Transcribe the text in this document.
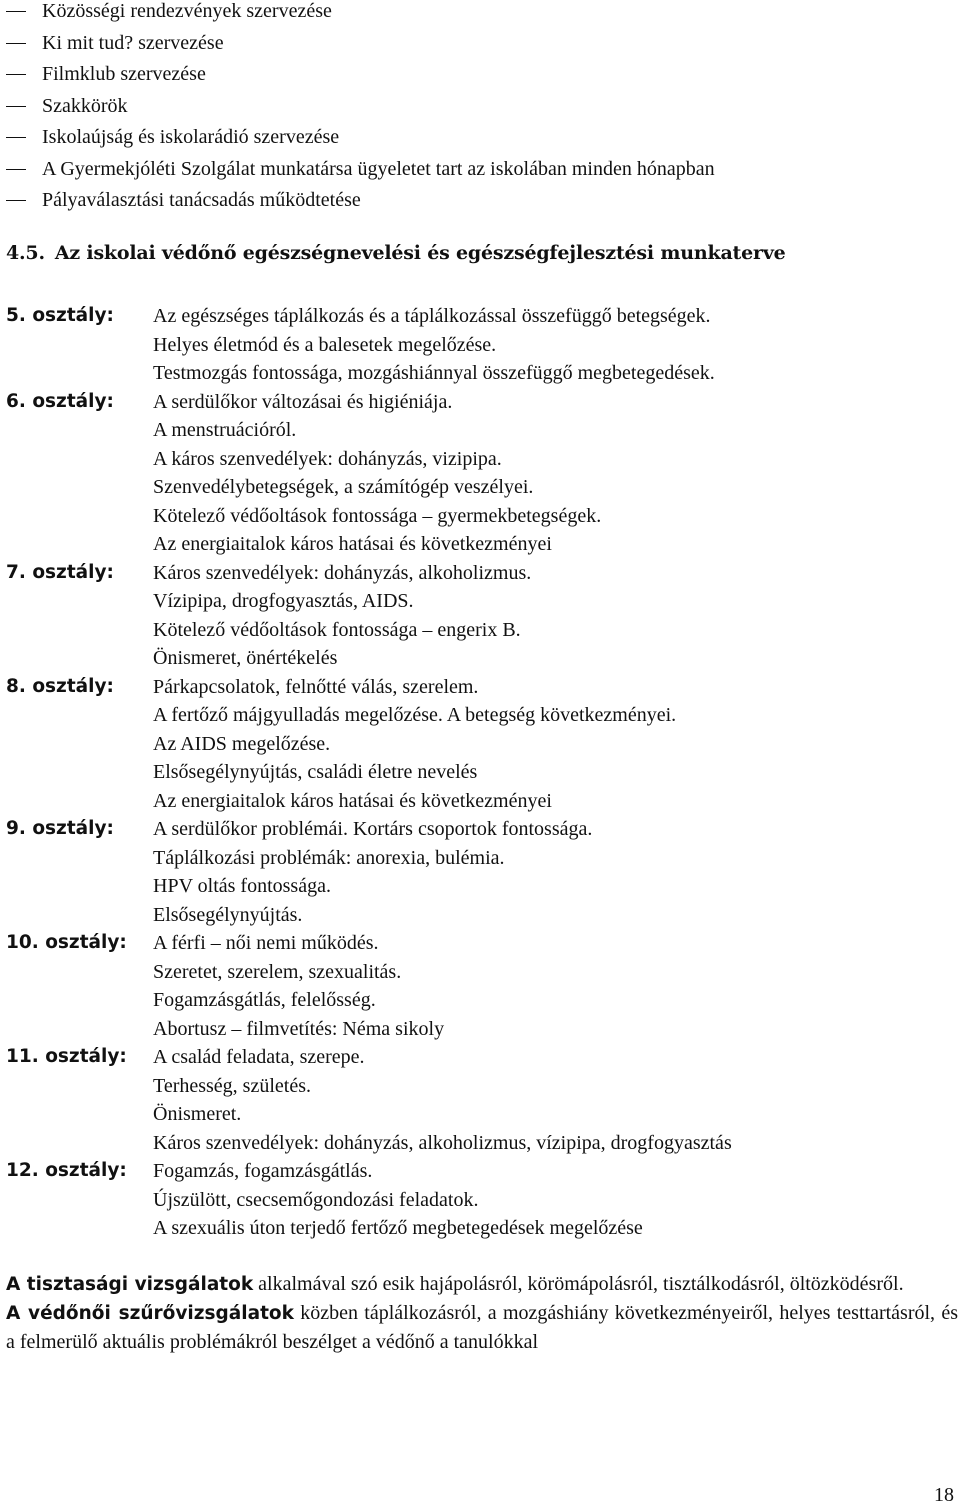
Közösségi rendezvények szervezése
Ki mit tud? szervezése
Filmklub szervezése
Szakkörök
Iskolaújság és iskolarádió szervezése
A Gyermekjóléti Szolgálat munkatársa ügyeletet tart az iskolában minden hónapban
Pályaválasztási tanácsadás működtetése
4.5. Az iskolai védőnő egészségnevelési és egészségfejlesztési munkaterve
5. osztály:	Az egészséges táplálkozás és a táplálkozással összefüggő betegségek.
Helyes életmód és a balesetek megelőzése.
Testmozgás fontossága, mozgáshiánnyal összefüggő megbetegedések.
6. osztály:	A serdülőkor változásai és higiéniája.
A menstruációról.
A káros szenvedélyek: dohányzás, vizipipa.
Szenvedélybetegségek, a számítógép veszélyei.
Kötelező védőoltások fontossága – gyermekbetegségek.
Az energiaitalok káros hatásai és következményei
7. osztály:	Káros szenvedélyek: dohányzás, alkoholizmus.
Vízipipa, drogfogyasztás, AIDS.
Kötelező védőoltások fontossága – engerix B.
Önismeret, önértékelés
8. osztály:	Párkapcsolatok, felnőtté válás, szerelem.
A fertőző májgyulladás megelőzése. A betegség következményei.
Az AIDS megelőzése.
Elsősegélynyújtás, családi életre nevelés
Az energiaitalok káros hatásai és következményei
9. osztály:	A serdülőkor problémái. Kortárs csoportok fontossága.
Táplálkozási problémák: anorexia, bulémia.
HPV oltás fontossága.
Elsősegélynyújtás.
10. osztály:	A férfi – női nemi működés.
Szeretet, szerelem, szexualitás.
Fogamzásgátlás, felelősség.
Abortusz – filmvetítés: Néma sikoly
11. osztály:	A család feladata, szerepe.
Terhesség, születés.
Önismeret.
Káros szenvedélyek: dohányzás, alkoholizmus, vízipipa, drogfogyasztás
12. osztály:	Fogamzás, fogamzásgátlás.
Újszülött, csecsemőgondozási feladatok.
A szexuális úton terjedő fertőző megbetegedések megelőzése

A tisztasági vizsgálatok alkalmával szó esik hajápolásról, körömápolásról, tisztálkodásról, öltözködésről.

A védőnői szűrővizsgálatok közben táplálkozásról, a mozgáshiány következményeiről, helyes testtartásról, és a felmerülő aktuális problémákról beszélget a védőnő a tanulókkal

18
